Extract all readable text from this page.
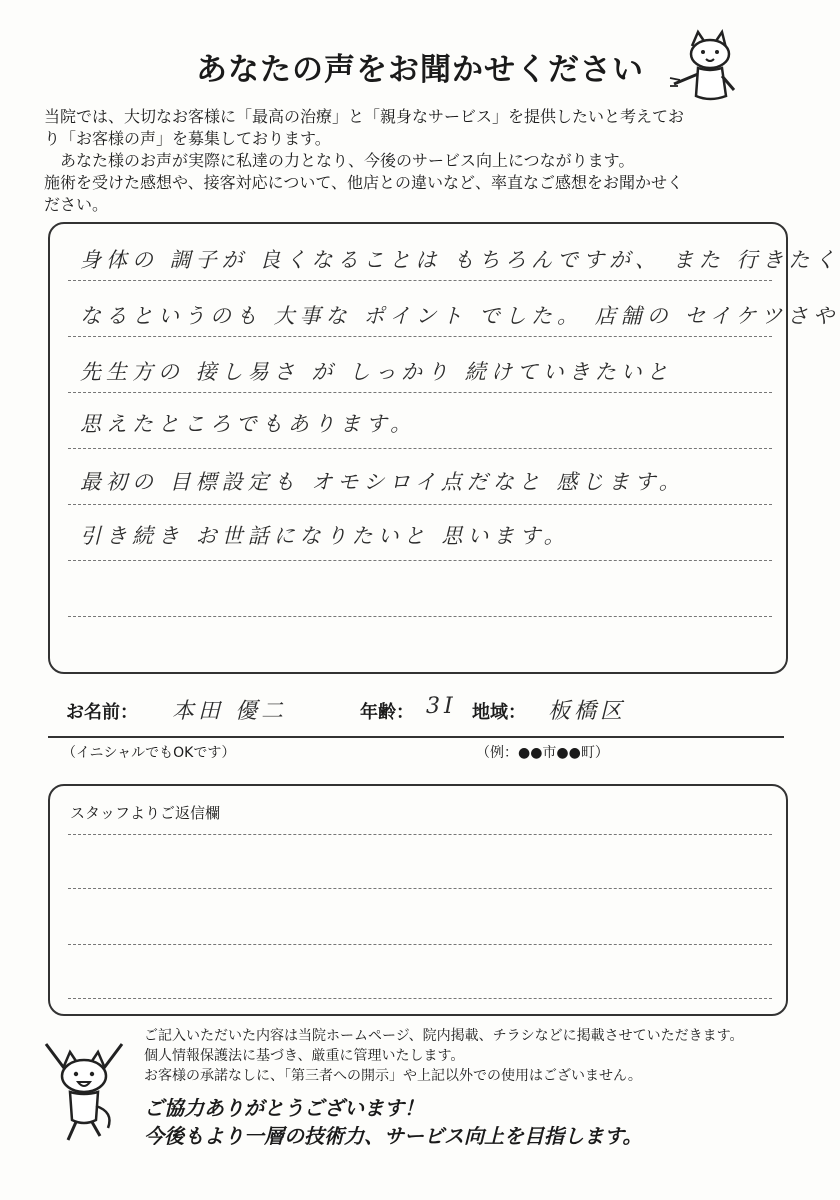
あなたの声をお聞かせください

当院では、大切なお客様に「最高の治療」と「親身なサービス」を提供したいと考えてお

り「お客様の声」を募集しております。

あなた様のお声が実際に私達の力となり、今後のサービス向上につながります。

施術を受けた感想や、接客対応について、他店との違いなど、率直なご感想をお聞かせく

ださい。

身体の 調子が 良くなることは もちろんですが、 また 行きたく
なるというのも 大事な ポイント でした。 店舗の セイケツさや
先生方の 接し易さ が しっかり 続けていきたいと
思えたところでもあります。
最初の 目標設定も オモシロイ点だなと 感じます。
引き続き お世話になりたいと 思います。
お名前： 本田 優二	年齢： 3I 地域： 板橋区
（イニシャルでもOKです）	（例：●●市●●町）
スタッフよりご返信欄

ご記入いただいた内容は当院ホームページ、院内掲載、チラシなどに掲載させていただきます。

個人情報保護法に基づき、厳重に管理いたします。

お客様の承諾なしに、「第三者への開示」や上記以外での使用はございません。

ご協力ありがとうございます！

今後もより一層の技術力、サービス向上を目指します。
